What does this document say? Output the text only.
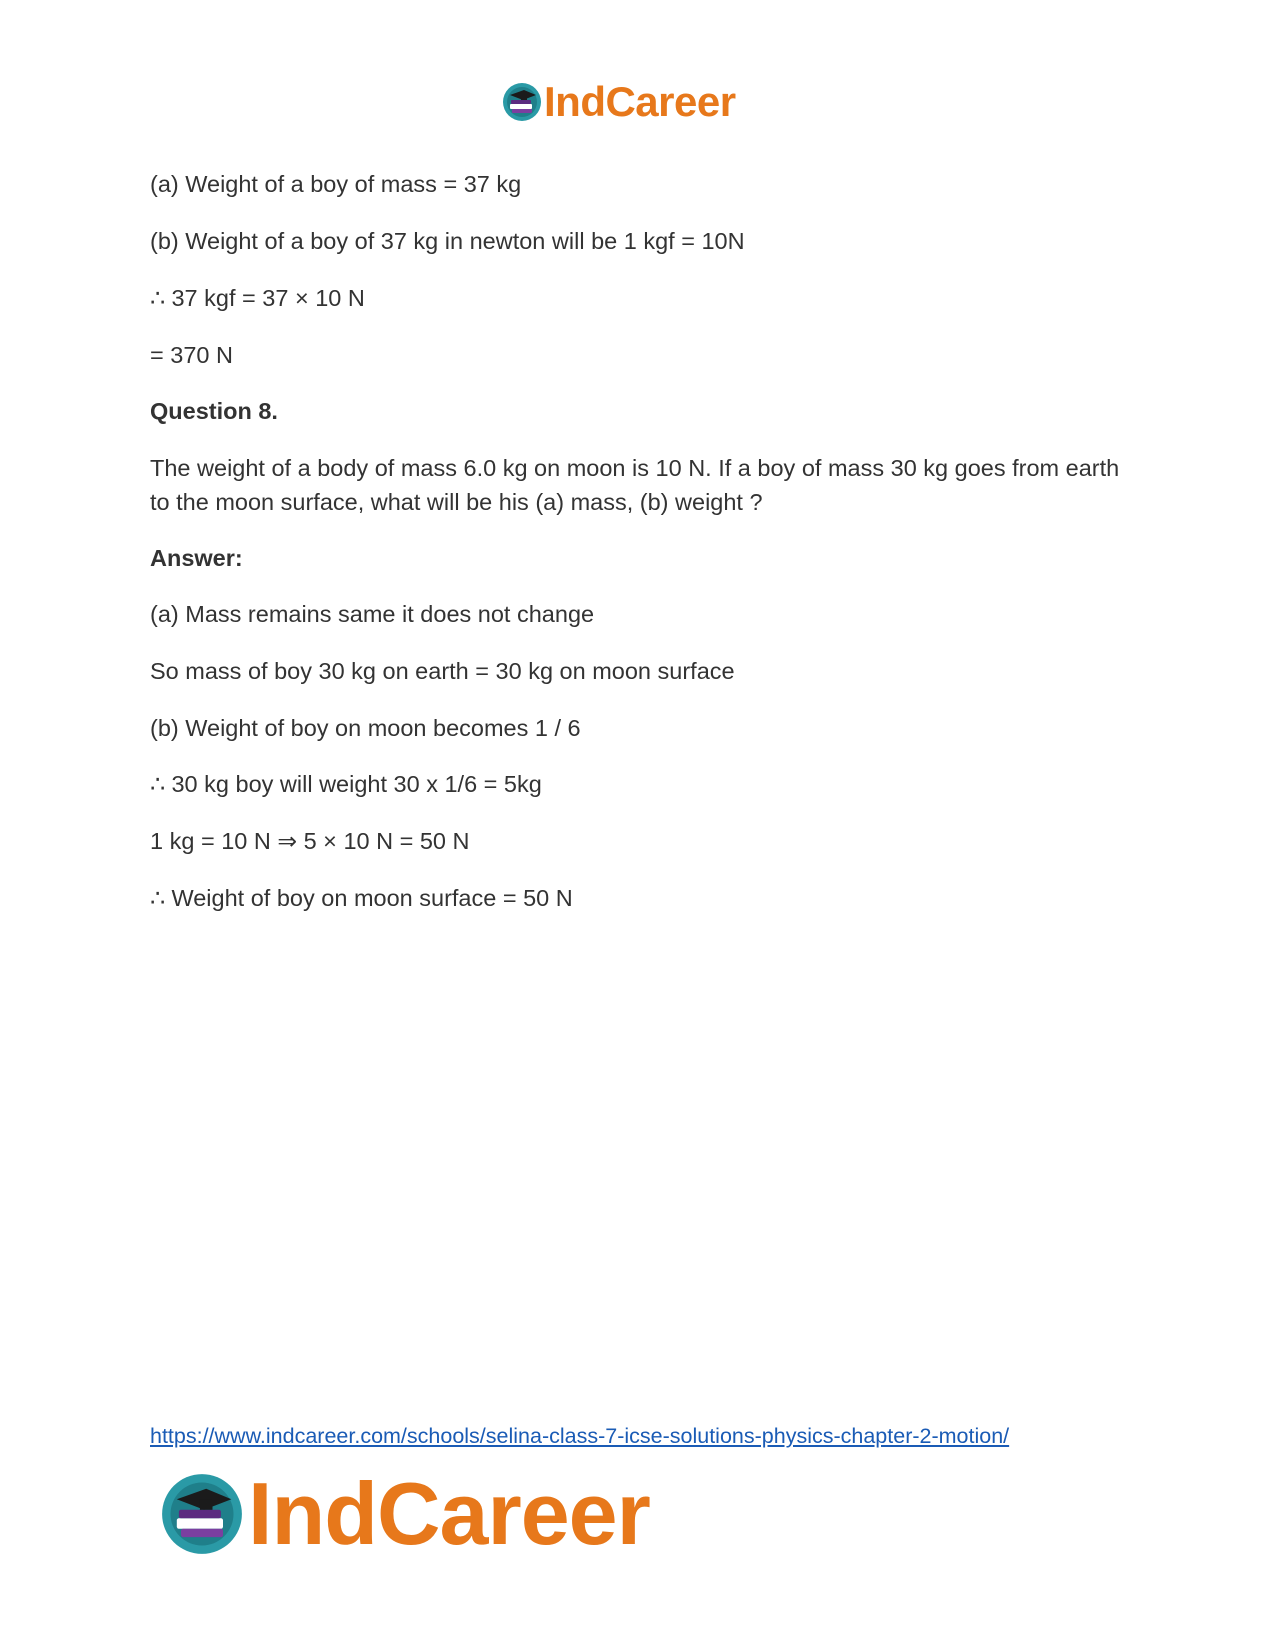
IndCareer
(a) Weight of a boy of mass = 37 kg
(b) Weight of a boy of 37 kg in newton will be 1 kgf = 10N
∴ 37 kgf = 37 × 10 N
= 370 N
Question 8.
The weight of a body of mass 6.0 kg on moon is 10 N. If a boy of mass 30 kg goes from earth to the moon surface, what will be his (a) mass, (b) weight ?
Answer:
(a) Mass remains same it does not change
So mass of boy 30 kg on earth = 30 kg on moon surface
(b) Weight of boy on moon becomes 1 / 6
∴ 30 kg boy will weight 30 x 1/6 = 5kg
1 kg = 10 N ⇒ 5 × 10 N = 50 N
∴ Weight of boy on moon surface = 50 N
https://www.indcareer.com/schools/selina-class-7-icse-solutions-physics-chapter-2-motion/
IndCareer
